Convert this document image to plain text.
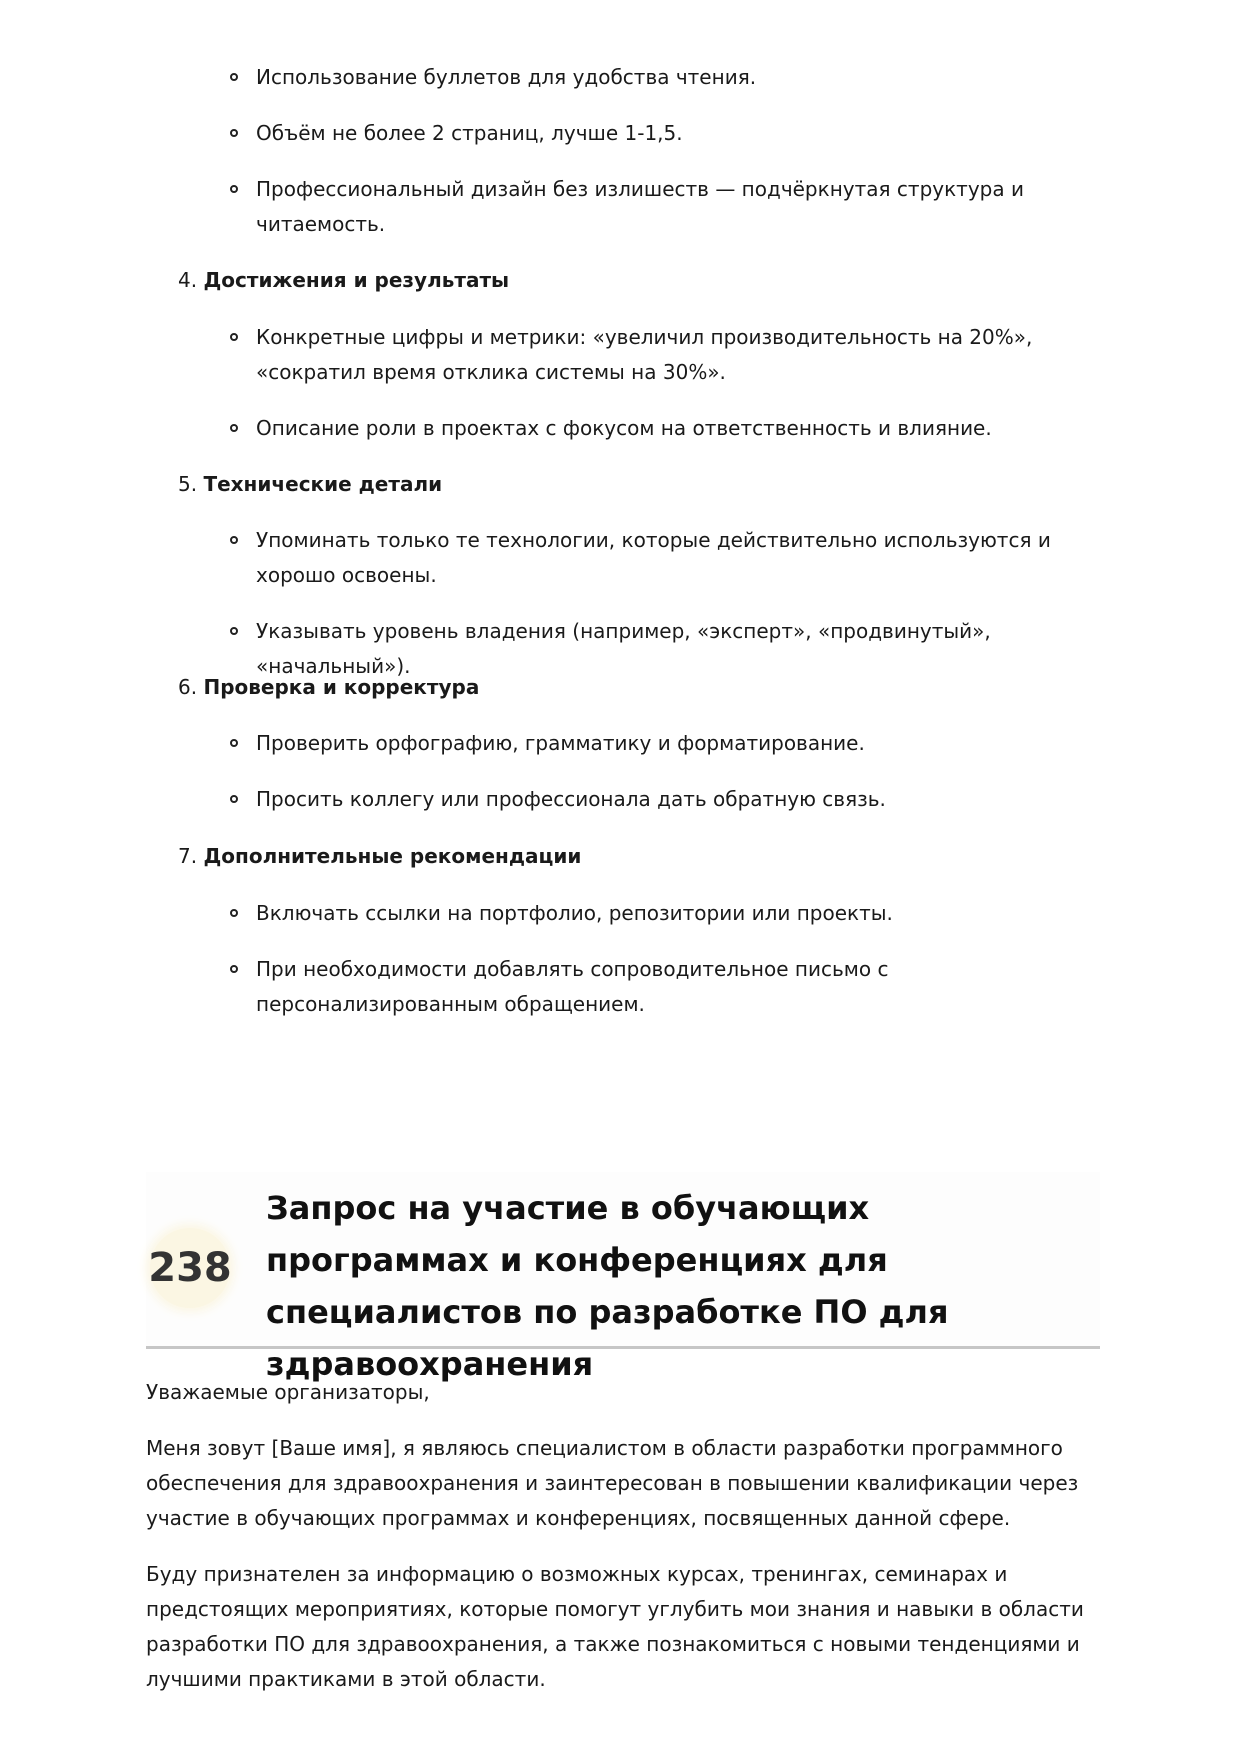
Использование буллетов для удобства чтения.

Объём не более 2 страниц, лучше 1-1,5.

Профессиональный дизайн без излишеств — подчёркнутая структура и читаемость.

4. Достижения и результаты

Конкретные цифры и метрики: «увеличил производительность на 20%», «сократил время отклика системы на 30%».

Описание роли в проектах с фокусом на ответственность и влияние.

5. Технические детали

Упоминать только те технологии, которые действительно используются и хорошо освоены.

Указывать уровень владения (например, «эксперт», «продвинутый», «начальный»).

6. Проверка и корректура

Проверить орфографию, грамматику и форматирование.

Просить коллегу или профессионала дать обратную связь.

7. Дополнительные рекомендации

Включать ссылки на портфолио, репозитории или проекты.

При необходимости добавлять сопроводительное письмо с персонализированным обращением.

238
Запрос на участие в обучающих программах и конференциях для специалистов по разработке ПО для здравоохранения

Уважаемые организаторы,

Меня зовут [Ваше имя], я являюсь специалистом в области разработки программного обеспечения для здравоохранения и заинтересован в повышении квалификации через участие в обучающих программах и конференциях, посвященных данной сфере.

Буду признателен за информацию о возможных курсах, тренингах, семинарах и предстоящих мероприятиях, которые помогут углубить мои знания и навыки в области разработки ПО для здравоохранения, а также познакомиться с новыми тенденциями и лучшими практиками в этой области.
